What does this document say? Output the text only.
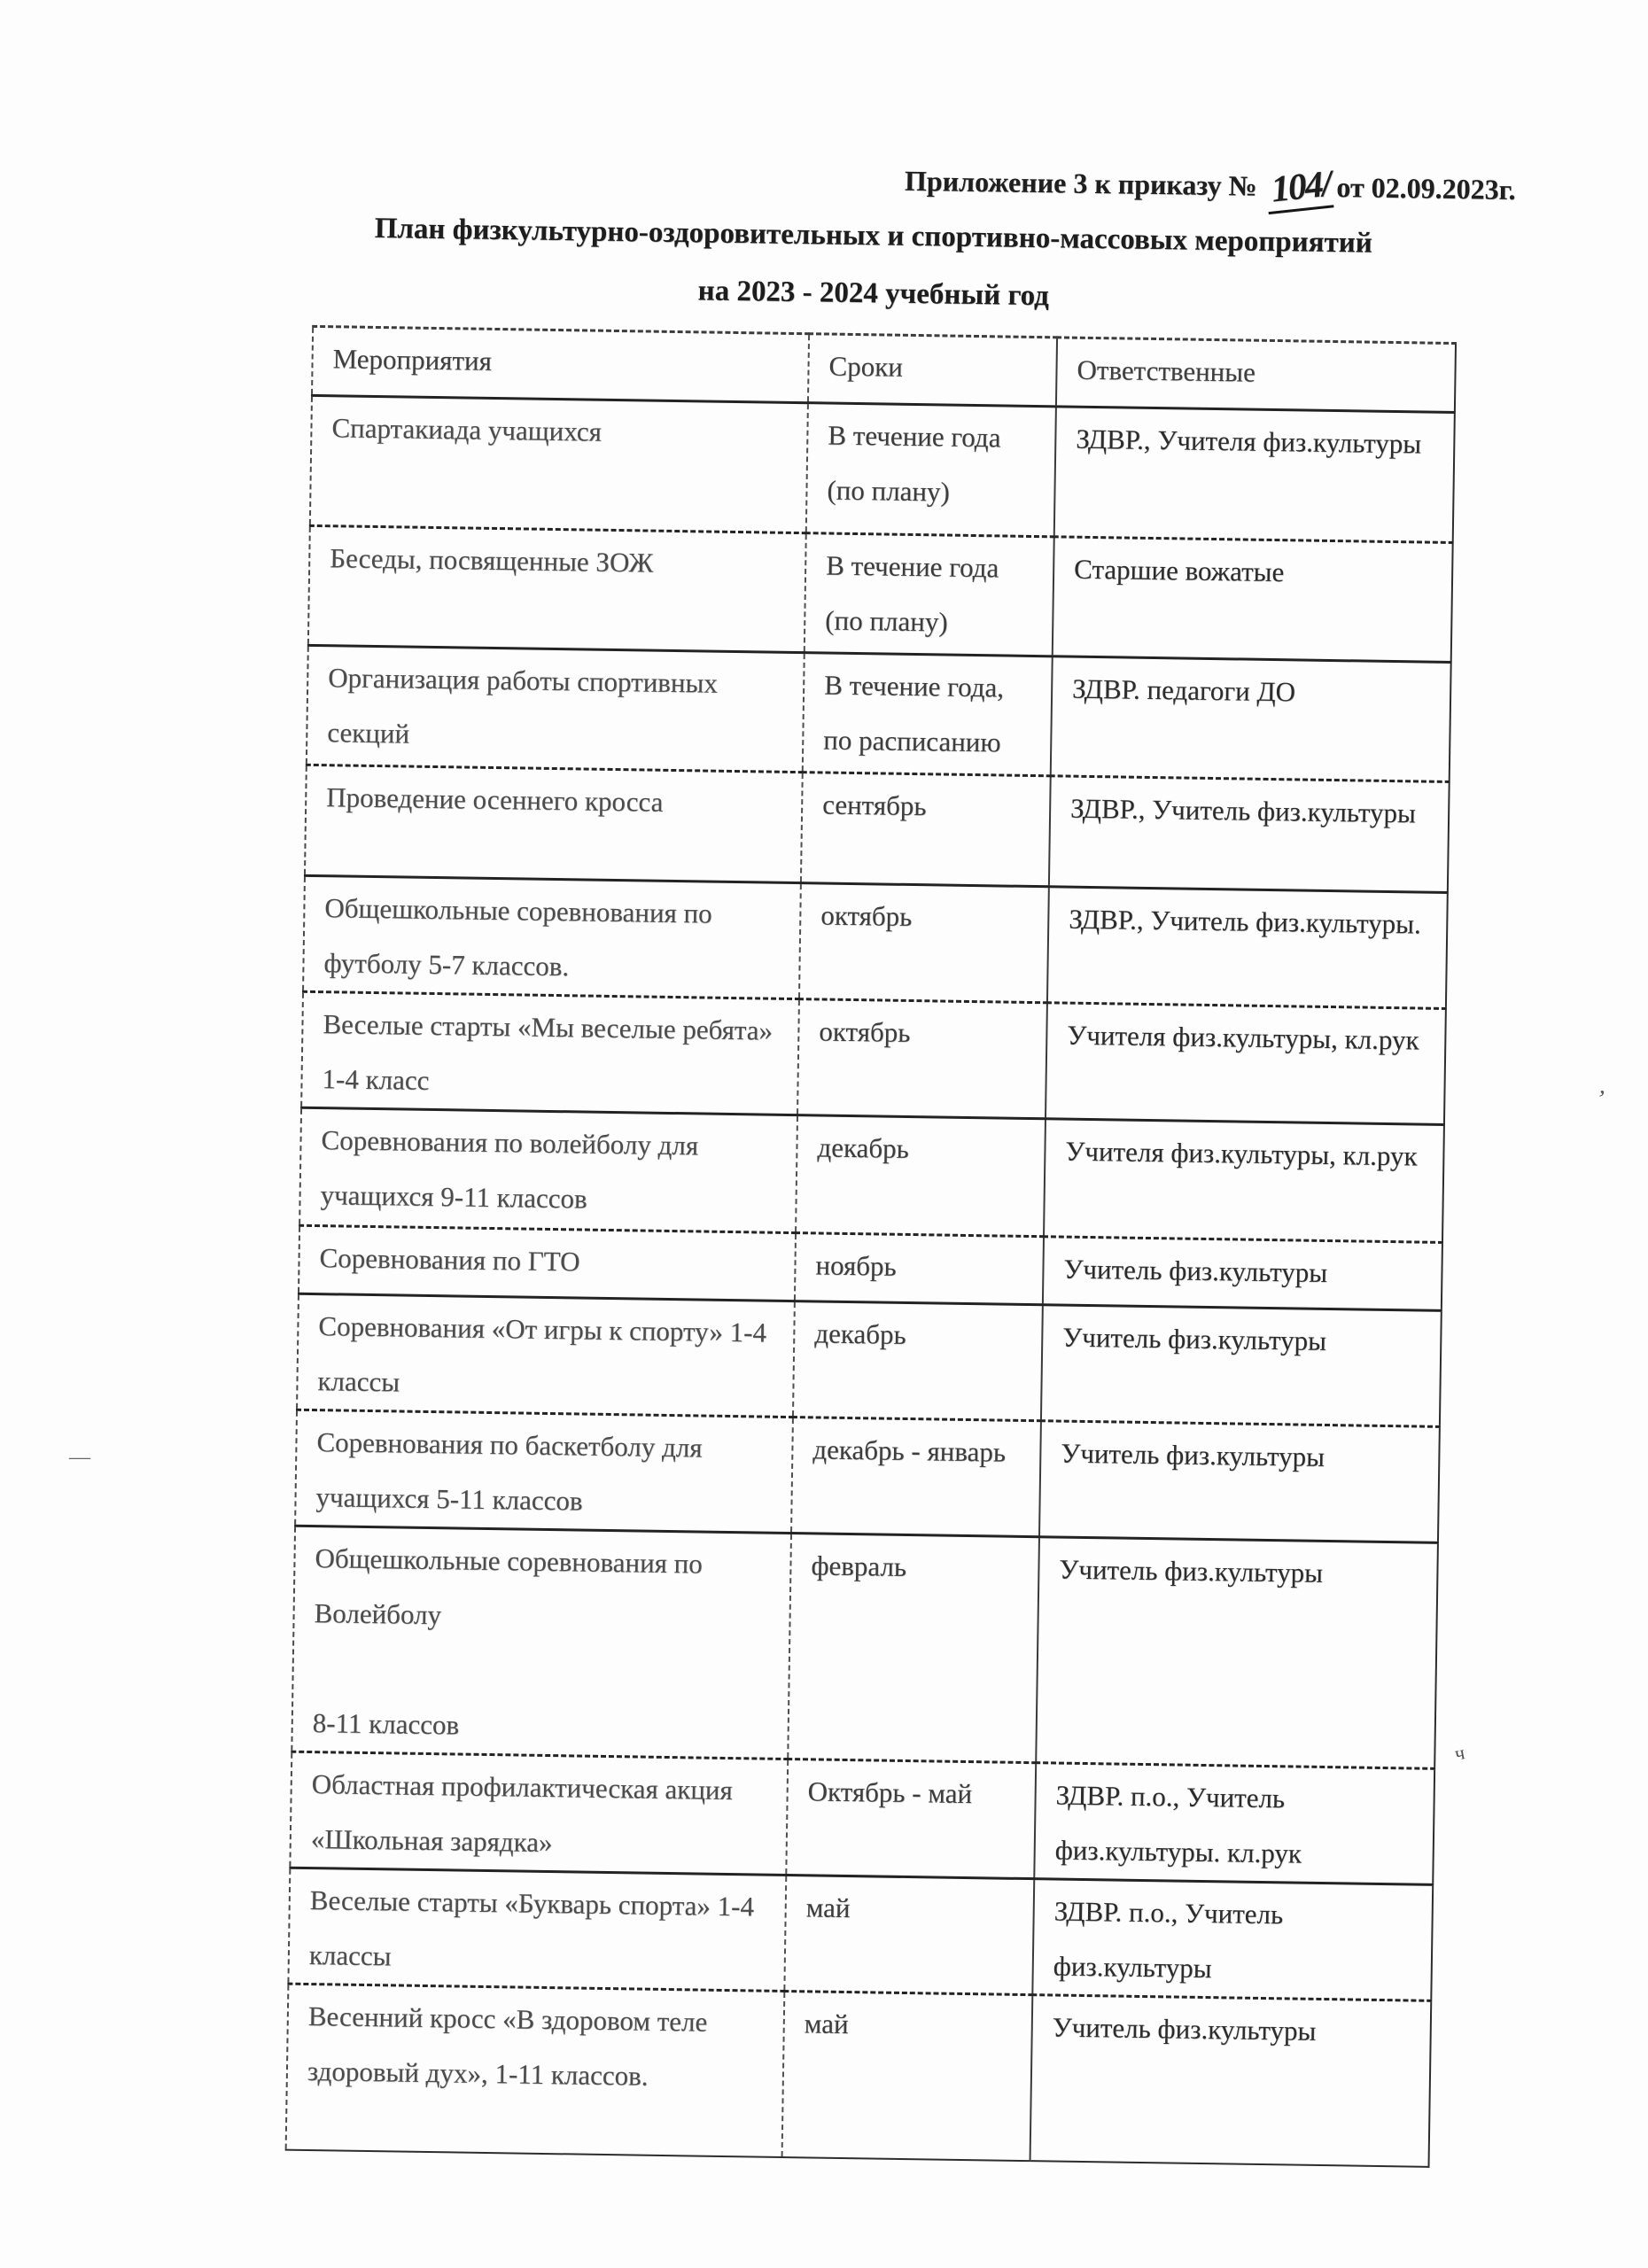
Приложение 3 к приказу № 104/ от 02.09.2023г.
План физкультурно-оздоровительных и спортивно-массовых мероприятий
на 2023 - 2024 учебный год
Мероприятия	Сроки	Ответственные
Спартакиада учащихся	В течение года (по плану)	ЗДВР., Учителя физ.культуры
Беседы, посвященные ЗОЖ	В течение года (по плану)	Старшие вожатые
Организация работы спортивных секций	В течение года, по расписанию	ЗДВР. педагоги ДО
Проведение осеннего кросса	сентябрь	ЗДВР., Учитель физ.культуры
Общешкольные соревнования по футболу 5-7 классов.	октябрь	ЗДВР., Учитель физ.культуры.
Веселые старты «Мы веселые ребята» 1-4 класс	октябрь	Учителя физ.культуры, кл.рук
Соревнования по волейболу для учащихся 9-11 классов	декабрь	Учителя физ.культуры, кл.рук
Соревнования по ГТО	ноябрь	Учитель физ.культуры
Соревнования «От игры к спорту» 1-4 классы	декабрь	Учитель физ.культуры
Соревнования по баскетболу для учащихся 5-11 классов	декабрь - январь	Учитель физ.культуры
Общешкольные соревнования по Волейболу

8-11 классов	февраль	Учитель физ.культуры
Областная профилактическая акция «Школьная зарядка»	Октябрь - май	ЗДВР. п.о., Учитель физ.культуры. кл.рук
Веселые старты «Букварь спорта» 1-4 классы	май	ЗДВР. п.о., Учитель физ.культуры
Весенний кросс «В здоровом теле здоровый дух», 1-11 классов.	май	Учитель физ.культуры
—
,
ч
